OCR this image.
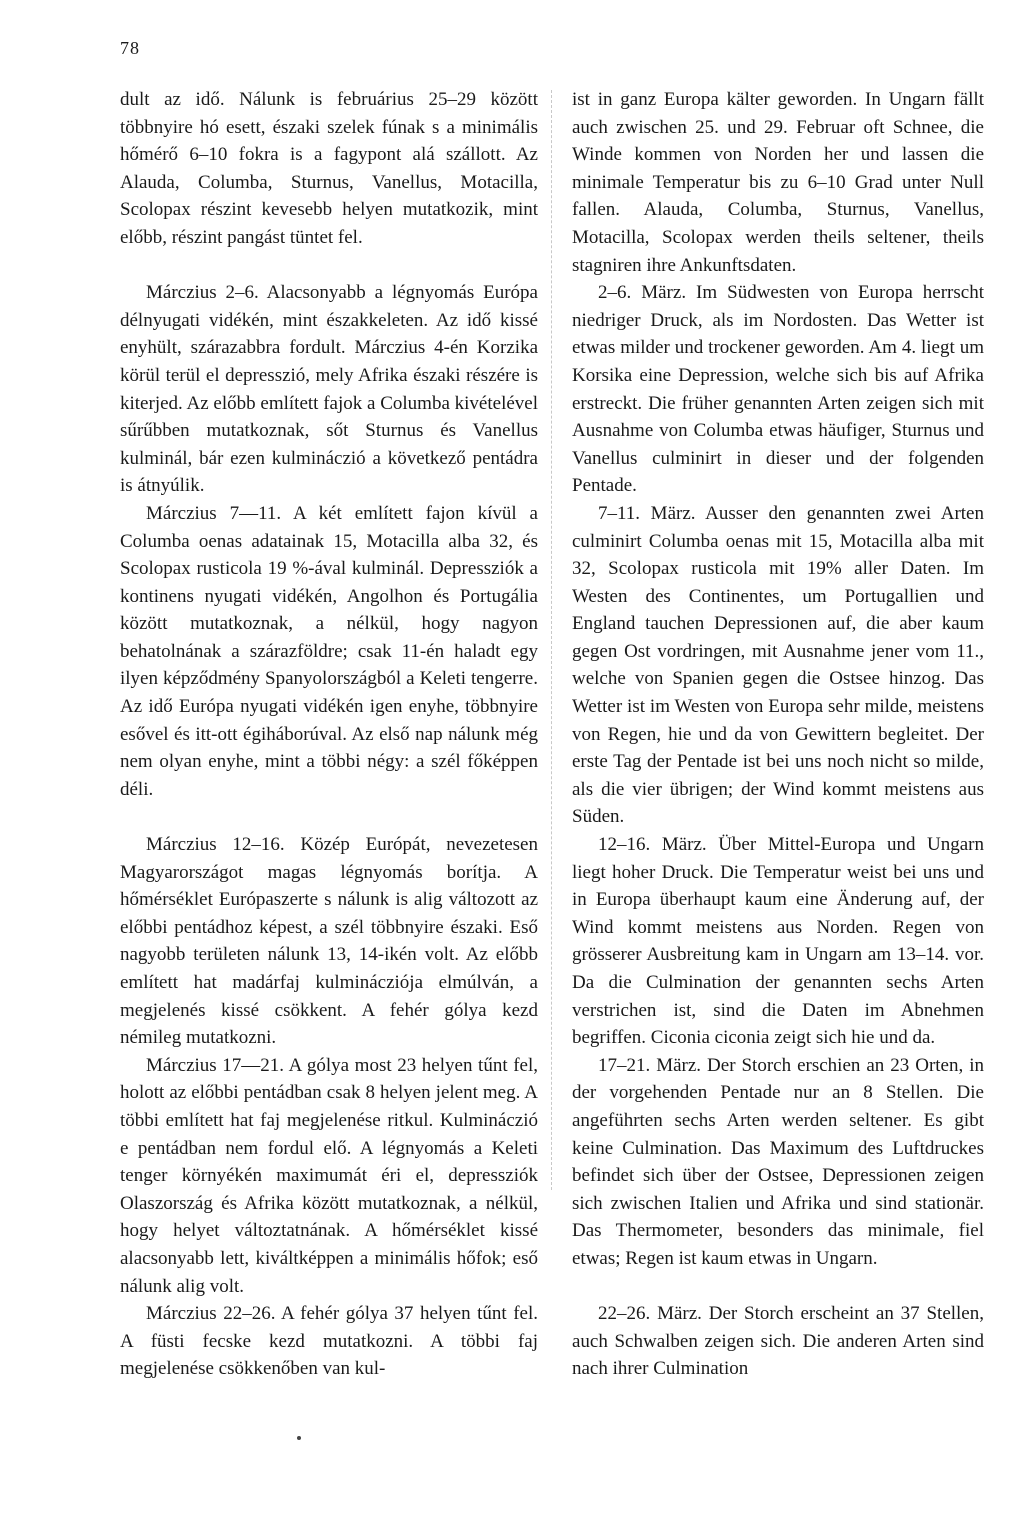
78

dult az idő. Nálunk is februárius 25–29 között többnyire hó esett, északi szelek fúnak s a minimális hőmérő 6–10 fokra is a fagypont alá szállott. Az Alauda, Columba, Sturnus, Vanellus, Motacilla, Scolopax részint kevesebb helyen mutatkozik, mint előbb, részint pangást tüntet fel.

Márczius 2–6. Alacsonyabb a légnyomás Európa délnyugati vidékén, mint északkeleten. Az idő kissé enyhült, szárazabbra fordult. Márczius 4-én Korzika körül terül el depresszió, mely Afrika északi részére is kiterjed. Az előbb említett fajok a Columba kivételével sűrűbben mutatkoznak, sőt Sturnus és Vanellus kulminál, bár ezen kulmináczió a következő pentádra is átnyúlik.

Márczius 7—11. A két említett fajon kívül a Columba oenas adatainak 15, Motacilla alba 32, és Scolopax rusticola 19 %-ával kulminál. Depressziók a kontinens nyugati vidékén, Angolhon és Portugália között mutatkoznak, a nélkül, hogy nagyon behatolnának a szárazföldre; csak 11-én haladt egy ilyen képződmény Spanyolországból a Keleti tengerre. Az idő Európa nyugati vidékén igen enyhe, többnyire esővel és itt-ott égiháborúval. Az első nap nálunk még nem olyan enyhe, mint a többi négy: a szél főképpen déli.

Márczius 12–16. Közép Európát, nevezetesen Magyarországot magas légnyomás borítja. A hőmérséklet Európaszerte s nálunk is alig változott az előbbi pentádhoz képest, a szél többnyire északi. Eső nagyobb területen nálunk 13, 14-ikén volt. Az előbb említett hat madárfaj kulminácziója elmúlván, a megjelenés kissé csökkent. A fehér gólya kezd némileg mutatkozni.

Márczius 17—21. A gólya most 23 helyen tűnt fel, holott az előbbi pentádban csak 8 helyen jelent meg. A többi említett hat faj megjelenése ritkul. Kulmináczió e pentádban nem fordul elő. A légnyomás a Keleti tenger környékén maximumát éri el, depressziók Olaszország és Afrika között mutatkoznak, a nélkül, hogy helyet változtatnának. A hőmérséklet kissé alacsonyabb lett, kiváltképpen a minimális hőfok; eső nálunk alig volt.

Márczius 22–26. A fehér gólya 37 helyen tűnt fel. A füsti fecske kezd mutatkozni. A többi faj megjelenése csökkenőben van kul-

ist in ganz Europa kälter geworden. In Ungarn fällt auch zwischen 25. und 29. Februar oft Schnee, die Winde kommen von Norden her und lassen die minimale Temperatur bis zu 6–10 Grad unter Null fallen. Alauda, Columba, Sturnus, Vanellus, Motacilla, Scolopax werden theils seltener, theils stagniren ihre Ankunftsdaten.

2–6. März. Im Südwesten von Europa herrscht niedriger Druck, als im Nordosten. Das Wetter ist etwas milder und trockener geworden. Am 4. liegt um Korsika eine Depression, welche sich bis auf Afrika erstreckt. Die früher genannten Arten zeigen sich mit Ausnahme von Columba etwas häufiger, Sturnus und Vanellus culminirt in dieser und der folgenden Pentade.

7–11. März. Ausser den genannten zwei Arten culminirt Columba oenas mit 15, Motacilla alba mit 32, Scolopax rusticola mit 19% aller Daten. Im Westen des Continentes, um Portugallien und England tauchen Depressionen auf, die aber kaum gegen Ost vordringen, mit Ausnahme jener vom 11., welche von Spanien gegen die Ostsee hinzog. Das Wetter ist im Westen von Europa sehr milde, meistens von Regen, hie und da von Gewittern begleitet. Der erste Tag der Pentade ist bei uns noch nicht so milde, als die vier übrigen; der Wind kommt meistens aus Süden.

12–16. März. Über Mittel-Europa und Ungarn liegt hoher Druck. Die Temperatur weist bei uns und in Europa überhaupt kaum eine Änderung auf, der Wind kommt meistens aus Norden. Regen von grösserer Ausbreitung kam in Ungarn am 13–14. vor. Da die Culmination der genannten sechs Arten verstrichen ist, sind die Daten im Abnehmen begriffen. Ciconia ciconia zeigt sich hie und da.

17–21. März. Der Storch erschien an 23 Orten, in der vorgehenden Pentade nur an 8 Stellen. Die angeführten sechs Arten werden seltener. Es gibt keine Culmination. Das Maximum des Luftdruckes befindet sich über der Ostsee, Depressionen zeigen sich zwischen Italien und Afrika und sind stationär. Das Thermometer, besonders das minimale, fiel etwas; Regen ist kaum etwas in Ungarn.

22–26. März. Der Storch erscheint an 37 Stellen, auch Schwalben zeigen sich. Die anderen Arten sind nach ihrer Culmination
